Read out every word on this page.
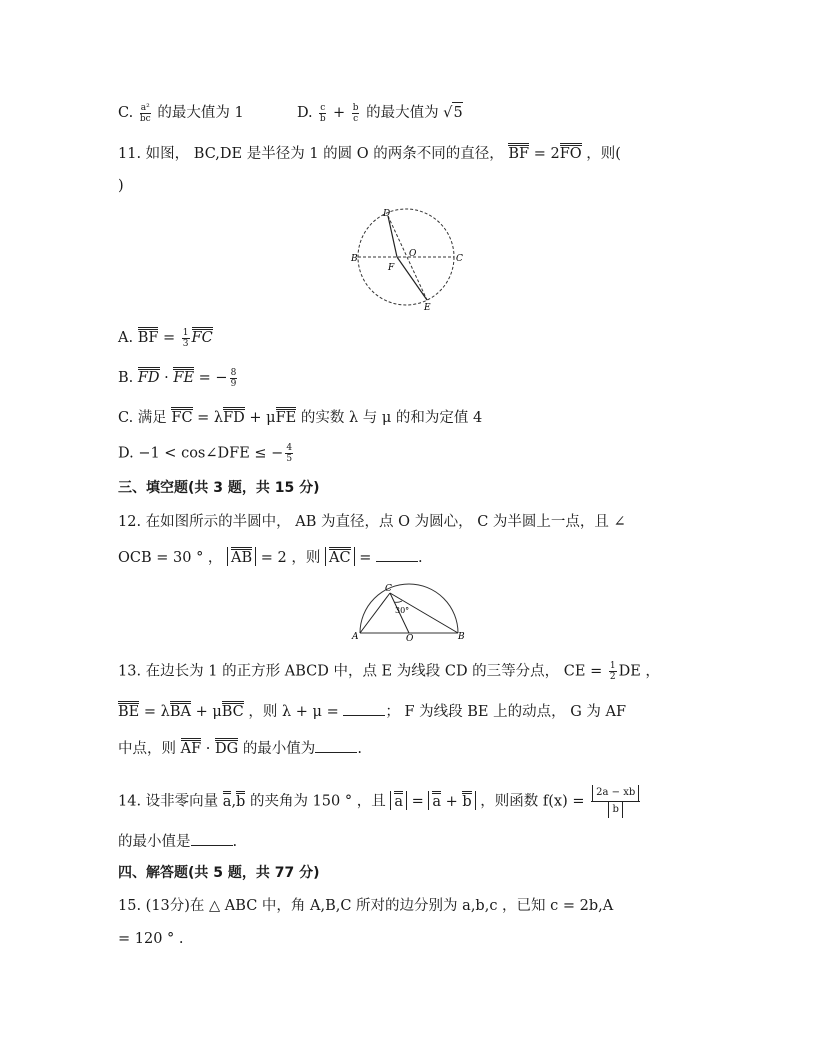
C. $\frac{\text{a²}}{bc}$ 的最大值为 1	D. $\frac{c}{b} + \frac{b}{c}$ 的最大值为 √5
11. 如图， BC,DE 是半径为 1 的圆 O 的两条不同的直径， BF = 2FO ，则(
)
D
O
B
F
C
E
A. BF = $\frac{1}{3}$ FC
B. FD · FE = − $\frac{8}{9}$
C. 满足 FC = λFD + μFE 的实数 λ 与 μ 的和为定值 4
D. −1 < cos∠DFE ≤ − $\frac{4}{5}$
三、填空题(共 3 题，共 15 分)
12. 在如图所示的半圆中， AB 为直径，点 O 为圆心， C 为半圆上一点，且 ∠
OCB = 30 ° ， AB = 2 ，则 AC =	.
C
30°
A	O	B
13. 在边长为 1 的正方形 ABCD 中，点 E 为线段 CD 的三等分点， CE = $\frac{1}{2}$ DE ，
BE = λBA + μBC ，则 λ + μ =	； F 为线段 BE 上的动点， G 为 AF
中点，则 AF · DG 的最小值为	.
14. 设非零向量 a,b 的夹角为 150 ° ，且 a = a + b ，则函数 $f(x) = \frac{2a - xb}{b}$
的最小值是	.
四、解答题(共 5 题，共 77 分)
15. (13分)在 △ ABC 中，角 A,B,C 所对的边分别为 a,b,c ，已知 c = 2b,A
= 120 ° .
